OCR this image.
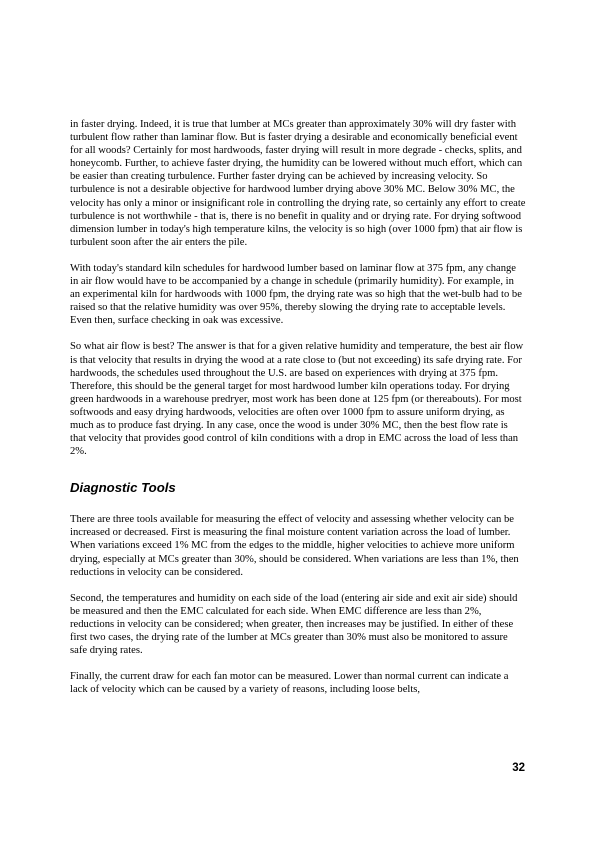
in faster drying. Indeed, it is true that lumber at MCs greater than approximately 30% will dry faster with turbulent flow rather than laminar flow. But is faster drying a desirable and economically beneficial event for all woods? Certainly for most hardwoods, faster drying will result in more degrade - checks, splits, and honeycomb. Further, to achieve faster drying, the humidity can be lowered without much effort, which can be easier than creating turbulence. Further faster drying can be achieved by increasing velocity. So turbulence is not a desirable objective for hardwood lumber drying above 30% MC. Below 30% MC, the velocity has only a minor or insignificant role in controlling the drying rate, so certainly any effort to create turbulence is not worthwhile - that is, there is no benefit in quality and or drying rate. For drying softwood dimension lumber in today's high temperature kilns, the velocity is so high (over 1000 fpm) that air flow is turbulent soon after the air enters the pile.

With today's standard kiln schedules for hardwood lumber based on laminar flow at 375 fpm, any change in air flow would have to be accompanied by a change in schedule (primarily humidity). For example, in an experimental kiln for hardwoods with 1000 fpm, the drying rate was so high that the wet-bulb had to be raised so that the relative humidity was over 95%, thereby slowing the drying rate to acceptable levels. Even then, surface checking in oak was excessive.

So what air flow is best? The answer is that for a given relative humidity and temperature, the best air flow is that velocity that results in drying the wood at a rate close to (but not exceeding) its safe drying rate. For hardwoods, the schedules used throughout the U.S. are based on experiences with drying at 375 fpm. Therefore, this should be the general target for most hardwood lumber kiln operations today. For drying green hardwoods in a warehouse predryer, most work has been done at 125 fpm (or thereabouts). For most softwoods and easy drying hardwoods, velocities are often over 1000 fpm to assure uniform drying, as much as to produce fast drying. In any case, once the wood is under 30% MC, then the best flow rate is that velocity that provides good control of kiln conditions with a drop in EMC across the load of less than 2%.

Diagnostic Tools

There are three tools available for measuring the effect of velocity and assessing whether velocity can be increased or decreased. First is measuring the final moisture content variation across the load of lumber. When variations exceed 1% MC from the edges to the middle, higher velocities to achieve more uniform drying, especially at MCs greater than 30%, should be considered. When variations are less than 1%, then reductions in velocity can be considered.

Second, the temperatures and humidity on each side of the load (entering air side and exit air side) should be measured and then the EMC calculated for each side. When EMC difference are less than 2%, reductions in velocity can be considered; when greater, then increases may be justified. In either of these first two cases, the drying rate of the lumber at MCs greater than 30% must also be monitored to assure safe drying rates.

Finally, the current draw for each fan motor can be measured. Lower than normal current can indicate a lack of velocity which can be caused by a variety of reasons, including loose belts,

32
